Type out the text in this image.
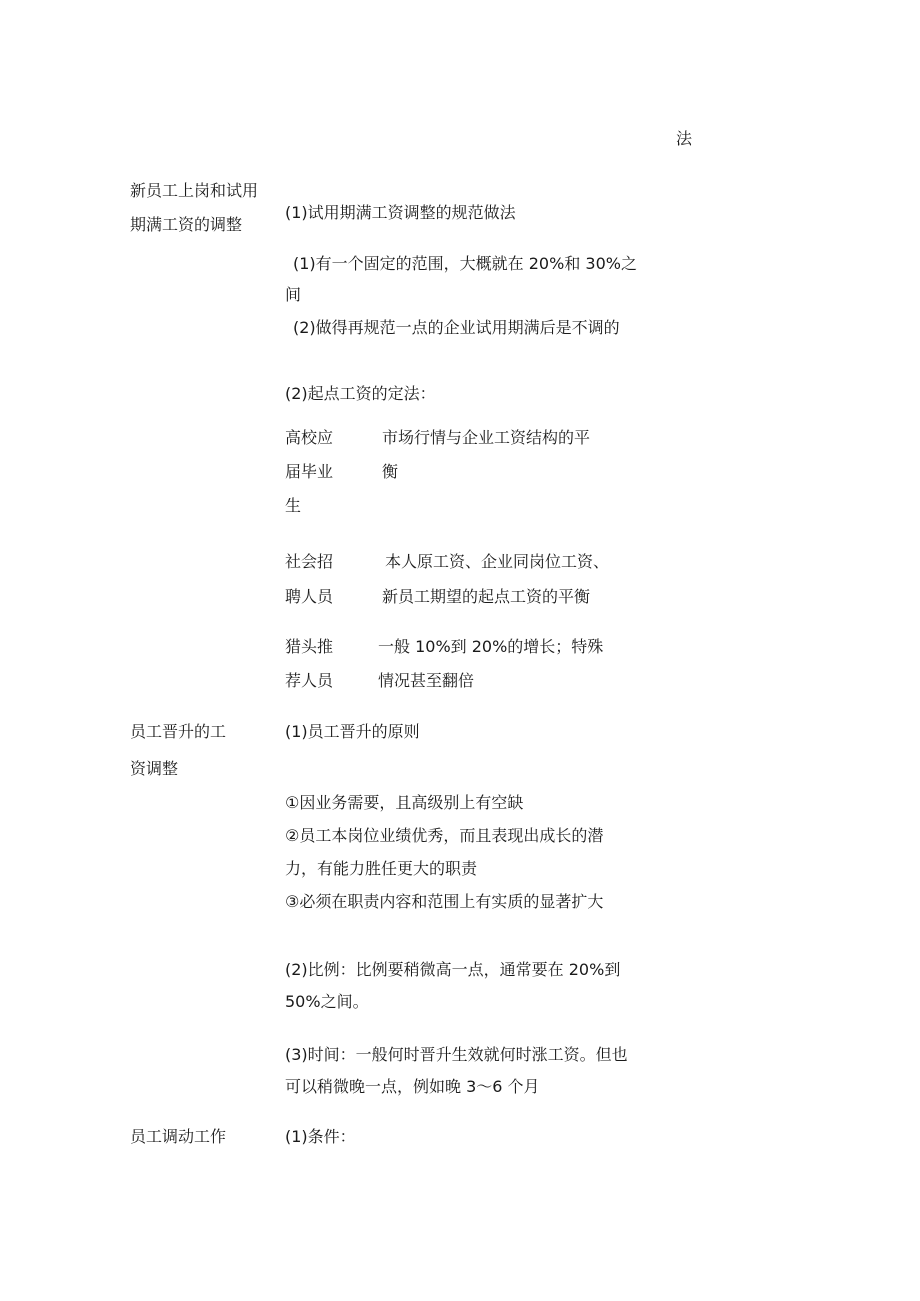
法
新员工上岗和试用
期满工资的调整
(1)试用期满工资调整的规范做法
(1)有一个固定的范围，大概就在 20%和 30%之
间
(2)做得再规范一点的企业试用期满后是不调的
(2)起点工资的定法：
高校应
届毕业
生
市场行情与企业工资结构的平
衡
社会招
聘人员
本人原工资、企业同岗位工资、
新员工期望的起点工资的平衡
猎头推
荐人员
一般 10%到 20%的增长；特殊
情况甚至翻倍
员工晋升的工
资调整
(1)员工晋升的原则
①因业务需要，且高级别上有空缺
②员工本岗位业绩优秀，而且表现出成长的潜
力，有能力胜任更大的职责
③必须在职责内容和范围上有实质的显著扩大
(2)比例：比例要稍微高一点，通常要在 20%到
50%之间。
(3)时间：一般何时晋升生效就何时涨工资。但也
可以稍微晚一点，例如晚 3～6 个月
员工调动工作	(1)条件：
